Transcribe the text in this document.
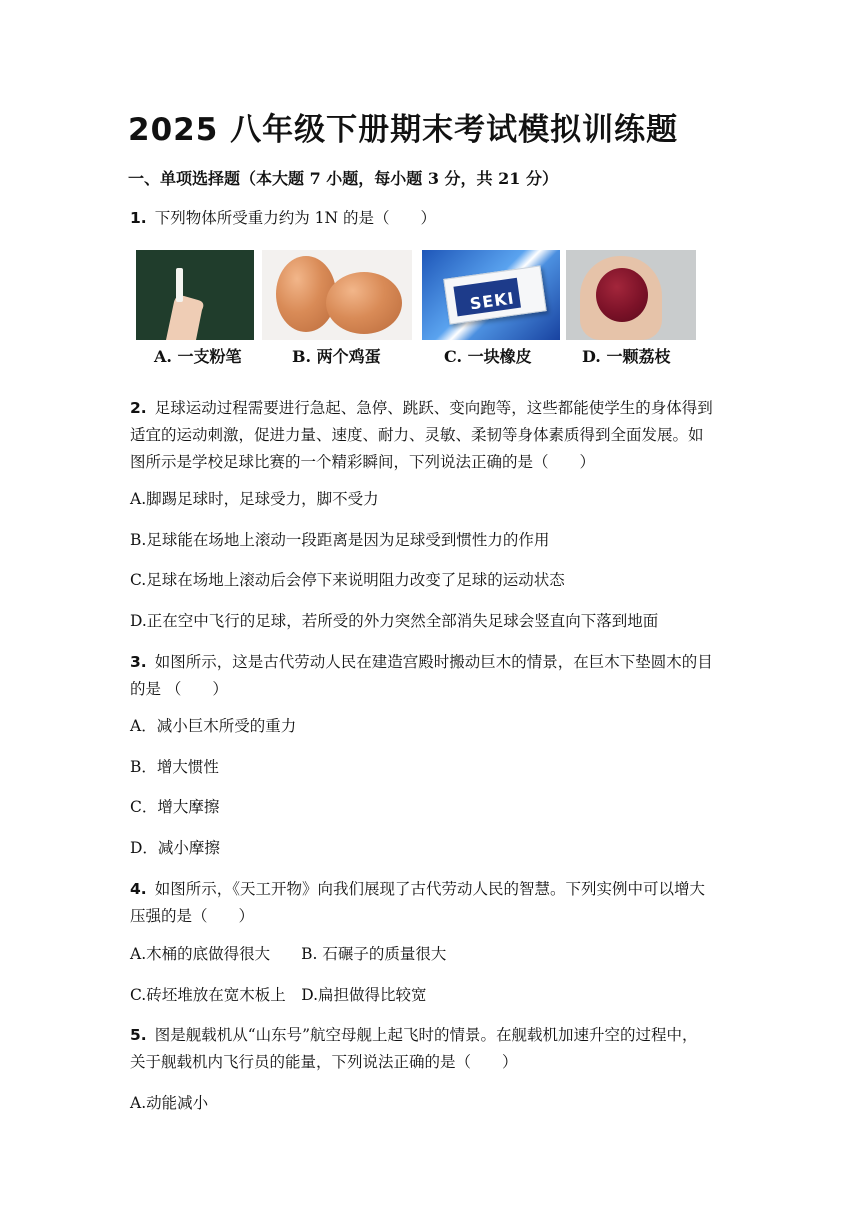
2025 八年级下册期末考试模拟训练题
一、单项选择题（本大题 7 小题，每小题 3 分，共 21 分）
1. 下列物体所受重力约为 1N 的是（　　）
SEKI
A. 一支粉笔	B. 两个鸡蛋	C. 一块橡皮	D. 一颗荔枝
2. 足球运动过程需要进行急起、急停、跳跃、变向跑等，这些都能使学生的身体得到
适宜的运动刺激，促进力量、速度、耐力、灵敏、柔韧等身体素质得到全面发展。如
图所示是学校足球比赛的一个精彩瞬间，下列说法正确的是（　　）
A.脚踢足球时，足球受力，脚不受力
B.足球能在场地上滚动一段距离是因为足球受到惯性力的作用
C.足球在场地上滚动后会停下来说明阻力改变了足球的运动状态
D.正在空中飞行的足球，若所受的外力突然全部消失足球会竖直向下落到地面
3. 如图所示，这是古代劳动人民在建造宫殿时搬动巨木的情景，在巨木下垫圆木的目
的是 （　　）
A．减小巨木所受的重力
B．增大惯性
C．增大摩擦
D．减小摩擦
4. 如图所示，《天工开物》向我们展现了古代劳动人民的智慧。下列实例中可以增大
压强的是（　　）
A.木桶的底做得很大　　B. 石碾子的质量很大
C.砖坯堆放在宽木板上　D.扁担做得比较宽
5. 图是舰载机从“山东号”航空母舰上起飞时的情景。在舰载机加速升空的过程中，
关于舰载机内飞行员的能量，下列说法正确的是（　　）
A.动能减小
